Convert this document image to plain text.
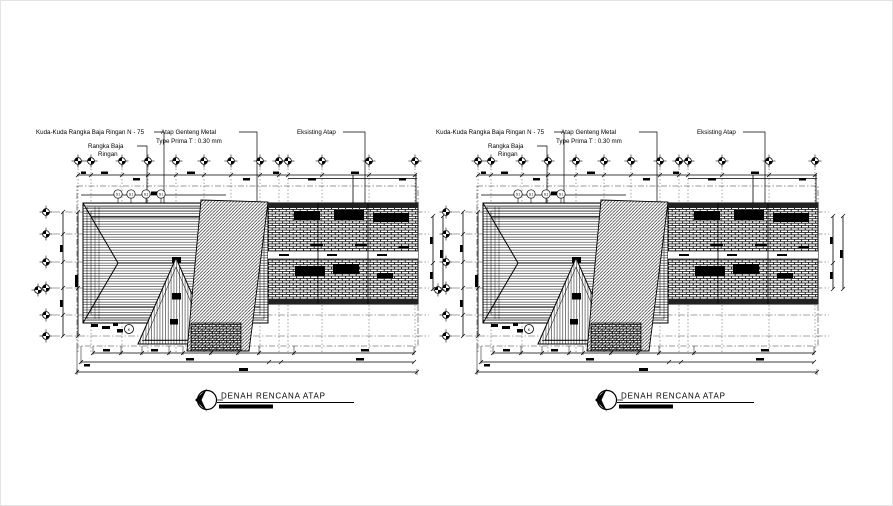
Kuda-Kuda Rangka Baja Ringan N - 75
Rangka Baja
Ringan
Atap Genteng Metal
Type Prima T : 0.30 mm
Eksisting Atap
S1 S1	S1	S1
K
DENAH RENCANA ATAP
Kuda-Kuda Rangka Baja Ringan N - 75
Rangka Baja
Ringan
Atap Genteng Metal
Type Prima T : 0.30 mm
Eksisting Atap
S1 S1	S1	S1
K
DENAH RENCANA ATAP
